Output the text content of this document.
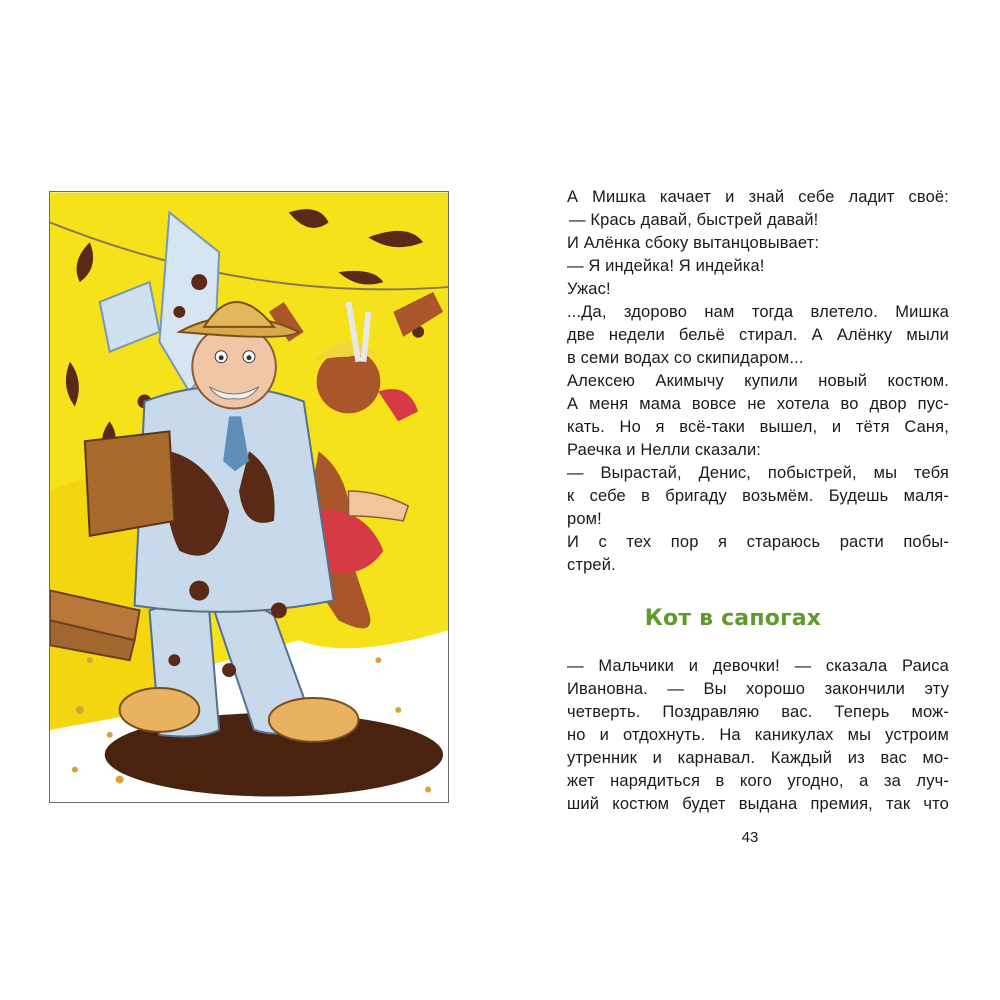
А Мишка качает и знай себе ладит своё:

— Крась давай, быстрей давай!

И Алёнка сбоку вытанцовывает:

— Я индейка! Я индейка!

Ужас!

...Да, здорово нам тогда влетело. Мишка

две недели бельё стирал. А Алёнку мыли

в семи водах со скипидаром...

Алексею Акимычу купили новый костюм.

А меня мама вовсе не хотела во двор пус-

кать. Но я всё-таки вышел, и тётя Саня,

Раечка и Нелли сказали:

— Вырастай, Денис, побыстрей, мы тебя

к себе в бригаду возьмём. Будешь маля-

ром!

И с тех пор я стараюсь расти побы-

стрей.

Кот в сапогах

— Мальчики и девочки! — сказала Раиса

Ивановна. — Вы хорошо закончили эту

четверть. Поздравляю вас. Теперь мож-

но и отдохнуть. На каникулах мы устроим

утренник и карнавал. Каждый из вас мо-

жет нарядиться в кого угодно, а за луч-

ший костюм будет выдана премия, так что

43
